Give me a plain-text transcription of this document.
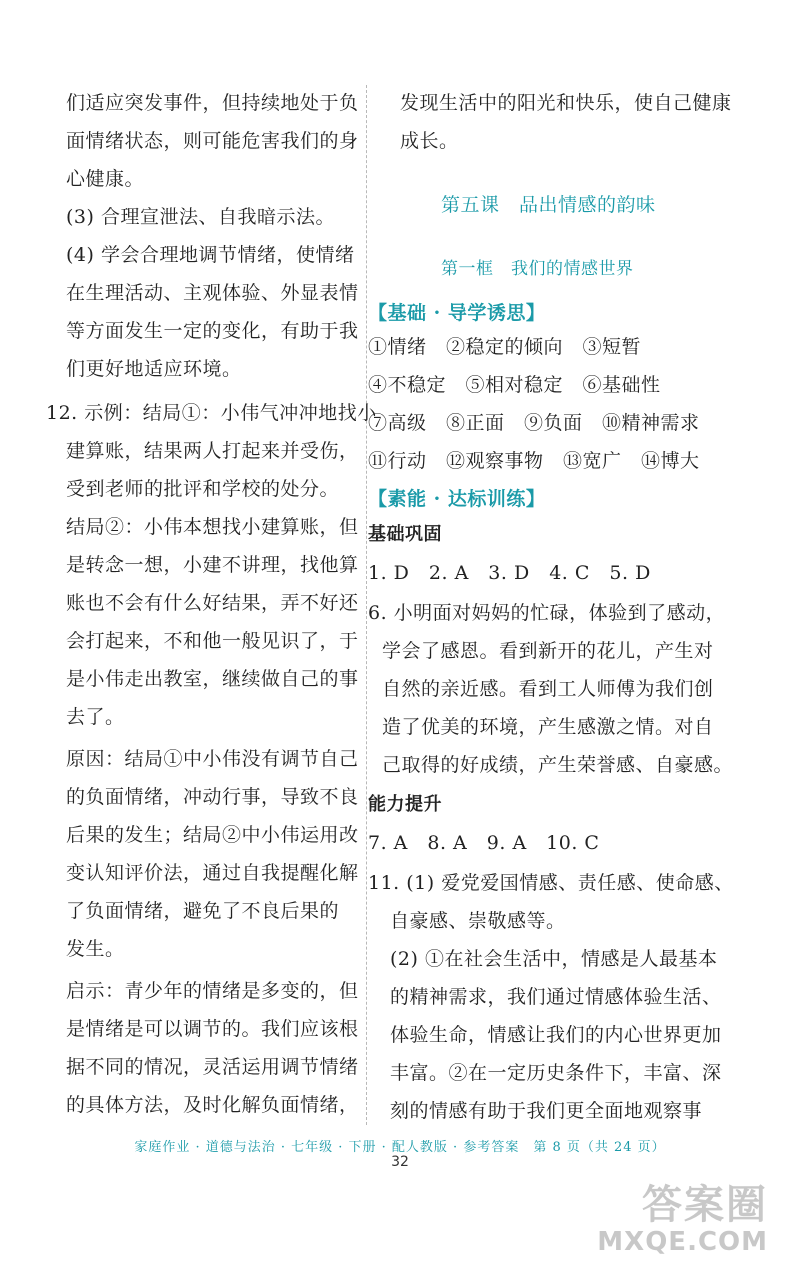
们适应突发事件，但持续地处于负
面情绪状态，则可能危害我们的身
心健康。
(3) 合理宣泄法、自我暗示法。
(4) 学会合理地调节情绪，使情绪
在生理活动、主观体验、外显表情
等方面发生一定的变化，有助于我
们更好地适应环境。
12. 示例：结局①：小伟气冲冲地找小
建算账，结果两人打起来并受伤，
受到老师的批评和学校的处分。
结局②：小伟本想找小建算账，但
是转念一想，小建不讲理，找他算
账也不会有什么好结果，弄不好还
会打起来，不和他一般见识了，于
是小伟走出教室，继续做自己的事
去了。
原因：结局①中小伟没有调节自己
的负面情绪，冲动行事，导致不良
后果的发生；结局②中小伟运用改
变认知评价法，通过自我提醒化解
了负面情绪，避免了不良后果的
发生。
启示：青少年的情绪是多变的，但
是情绪是可以调节的。我们应该根
据不同的情况，灵活运用调节情绪
的具体方法，及时化解负面情绪，
发现生活中的阳光和快乐，使自己健康
成长。
第五课　品出情感的韵味
第一框　我们的情感世界
【基础 · 导学诱思】
①情绪　②稳定的倾向　③短暂
④不稳定　⑤相对稳定　⑥基础性
⑦高级　⑧正面　⑨负面　⑩精神需求
⑪行动　⑫观察事物　⑬宽广　⑭博大
【素能 · 达标训练】
基础巩固
1. D　2. A　3. D　4. C　5. D
6. 小明面对妈妈的忙碌，体验到了感动，
学会了感恩。看到新开的花儿，产生对
自然的亲近感。看到工人师傅为我们创
造了优美的环境，产生感激之情。对自
己取得的好成绩，产生荣誉感、自豪感。
能力提升
7. A　8. A　9. A　10. C
11. (1) 爱党爱国情感、责任感、使命感、
自豪感、崇敬感等。
(2) ①在社会生活中，情感是人最基本
的精神需求，我们通过情感体验生活、
体验生命，情感让我们的内心世界更加
丰富。②在一定历史条件下，丰富、深
刻的情感有助于我们更全面地观察事
家庭作业 · 道德与法治 · 七年级 · 下册 · 配人教版 · 参考答案　第 8 页（共 24 页）
32
答案圈
MXQE.COM
